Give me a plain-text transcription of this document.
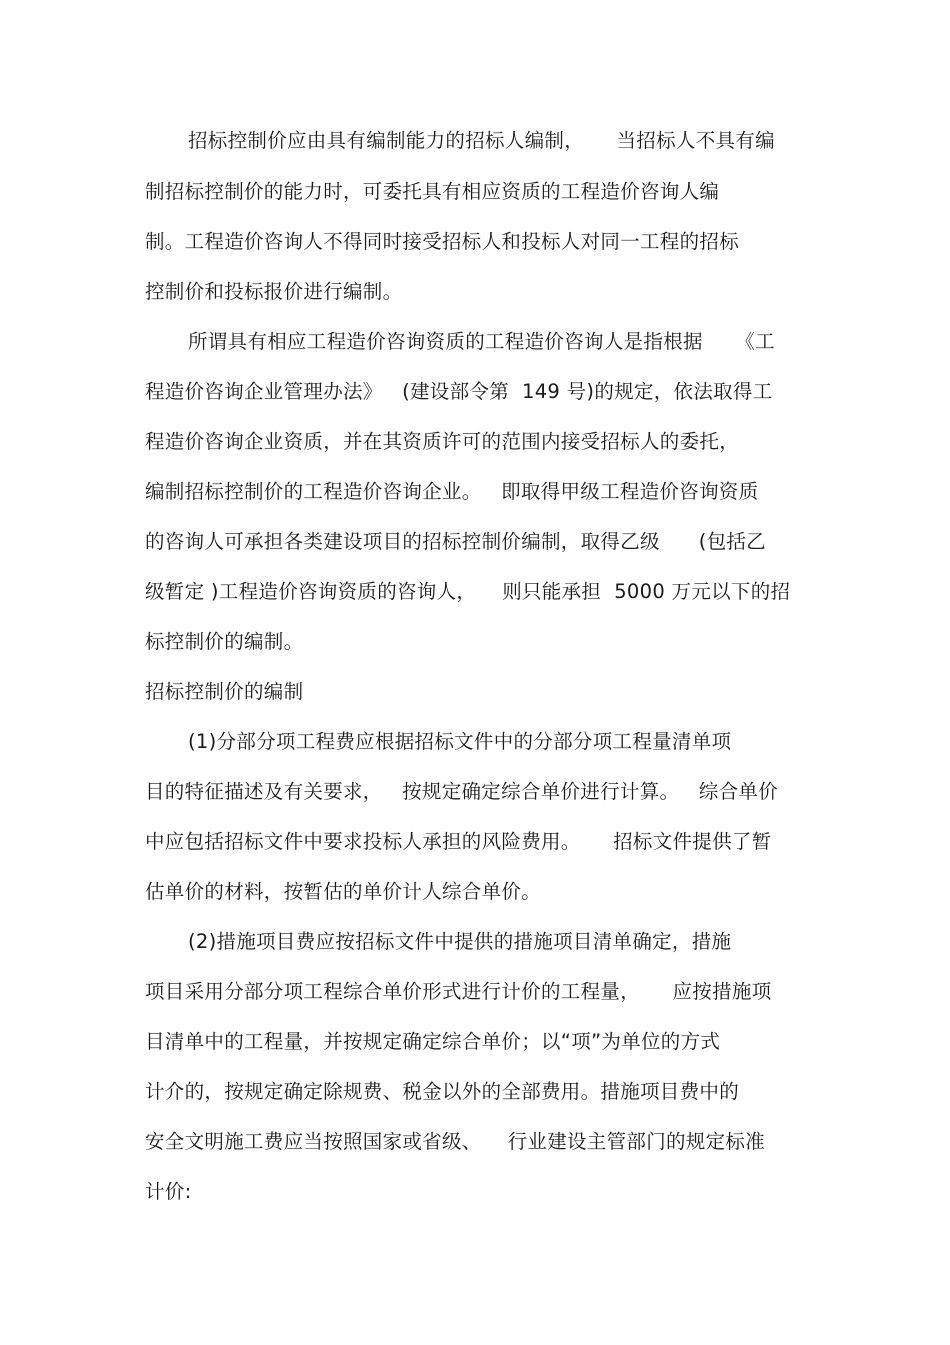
招标控制价应由具有编制能力的招标人编制，     当招标人不具有编
制招标控制价的能力时，可委托具有相应资质的工程造价咨询人编
制。工程造价咨询人不得同时接受招标人和投标人对同一工程的招标
控制价和投标报价进行编制。
所谓具有相应工程造价咨询资质的工程造价咨询人是指根据     《工
程造价咨询企业管理办法》   (建设部令第  149 号)的规定，依法取得工
程造价咨询企业资质，并在其资质许可的范围内接受招标人的委托，
编制招标控制价的工程造价咨询企业。   即取得甲级工程造价咨询资质
的咨询人可承担各类建设项目的招标控制价编制，取得乙级      (包括乙
级暂定 )工程造价咨询资质的咨询人，    则只能承担  5000 万元以下的招
标控制价的编制。
招标控制价的编制
(1)分部分项工程费应根据招标文件中的分部分项工程量清单项
目的特征描述及有关要求，   按规定确定综合单价进行计算。   综合单价
中应包括招标文件中要求投标人承担的风险费用。     招标文件提供了暂
估单价的材料，按暂估的单价计人综合单价。
(2)措施项目费应按招标文件中提供的措施项目清单确定，措施
项目采用分部分项工程综合单价形式进行计价的工程量，     应按措施项
目清单中的工程量，并按规定确定综合单价；以“项”为单位的方式
计介的，按规定确定除规费、税金以外的全部费用。措施项目费中的
安全文明施工费应当按照国家或省级、    行业建设主管部门的规定标准
计价:
